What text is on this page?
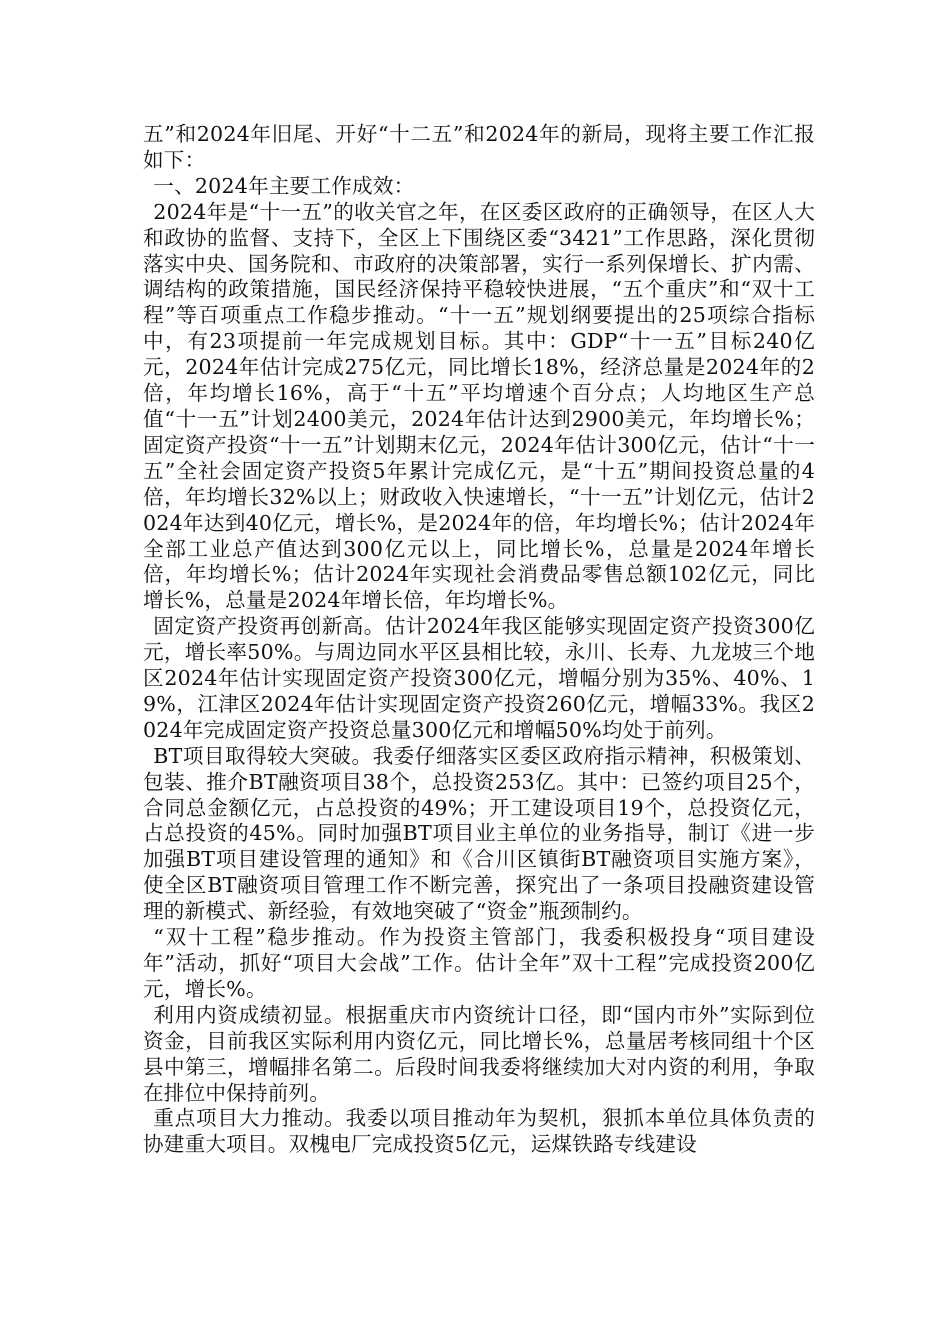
五”和2024年旧尾、开好“十二五”和2024年的新局，现将主要工作汇报如下：

一、2024年主要工作成效：

2024年是“十一五”的收关官之年，在区委区政府的正确领导，在区人大和政协的监督、支持下，全区上下围绕区委“3421”工作思路，深化贯彻落实中央、国务院和、市政府的决策部署，实行一系列保增长、扩内需、调结构的政策措施，国民经济保持平稳较快进展，“五个重庆”和“双十工程”等百项重点工作稳步推动。“十一五”规划纲要提出的25项综合指标中，有23项提前一年完成规划目标。其中：GDP“十一五”目标240亿元，2024年估计完成275亿元，同比增长18%，经济总量是2024年的2倍，年均增长16%，高于“十五”平均增速个百分点；人均地区生产总值“十一五”计划2400美元，2024年估计达到2900美元，年均增长%；固定资产投资“十一五”计划期末亿元，2024年估计300亿元，估计“十一五”全社会固定资产投资5年累计完成亿元，是“十五”期间投资总量的4倍，年均增长32%以上；财政收入快速增长，“十一五”计划亿元，估计2024年达到40亿元，增长%，是2024年的倍，年均增长%；估计2024年全部工业总产值达到300亿元以上，同比增长%，总量是2024年增长倍，年均增长%；估计2024年实现社会消费品零售总额102亿元，同比增长%，总量是2024年增长倍，年均增长%。

固定资产投资再创新高。估计2024年我区能够实现固定资产投资300亿元，增长率50%。与周边同水平区县相比较，永川、长寿、九龙坡三个地区2024年估计实现固定资产投资300亿元，增幅分别为35%、40%、19%，江津区2024年估计实现固定资产投资260亿元，增幅33%。我区2024年完成固定资产投资总量300亿元和增幅50%均处于前列。

BT项目取得较大突破。我委仔细落实区委区政府指示精神，积极策划、包装、推介BT融资项目38个，总投资253亿。其中：已签约项目25个，合同总金额亿元，占总投资的49%；开工建设项目19个，总投资亿元，占总投资的45%。同时加强BT项目业主单位的业务指导，制订《进一步加强BT项目建设管理的通知》和《合川区镇街BT融资项目实施方案》，使全区BT融资项目管理工作不断完善，探究出了一条项目投融资建设管理的新模式、新经验，有效地突破了“资金”瓶颈制约。

“双十工程”稳步推动。作为投资主管部门，我委积极投身“项目建设年”活动，抓好“项目大会战”工作。估计全年”双十工程”完成投资200亿元，增长%。

利用内资成绩初显。根据重庆市内资统计口径，即“国内市外”实际到位资金，目前我区实际利用内资亿元，同比增长%，总量居考核同组十个区县中第三，增幅排名第二。后段时间我委将继续加大对内资的利用，争取在排位中保持前列。

重点项目大力推动。我委以项目推动年为契机，狠抓本单位具体负责的协建重大项目。双槐电厂完成投资5亿元，运煤铁路专线建设
